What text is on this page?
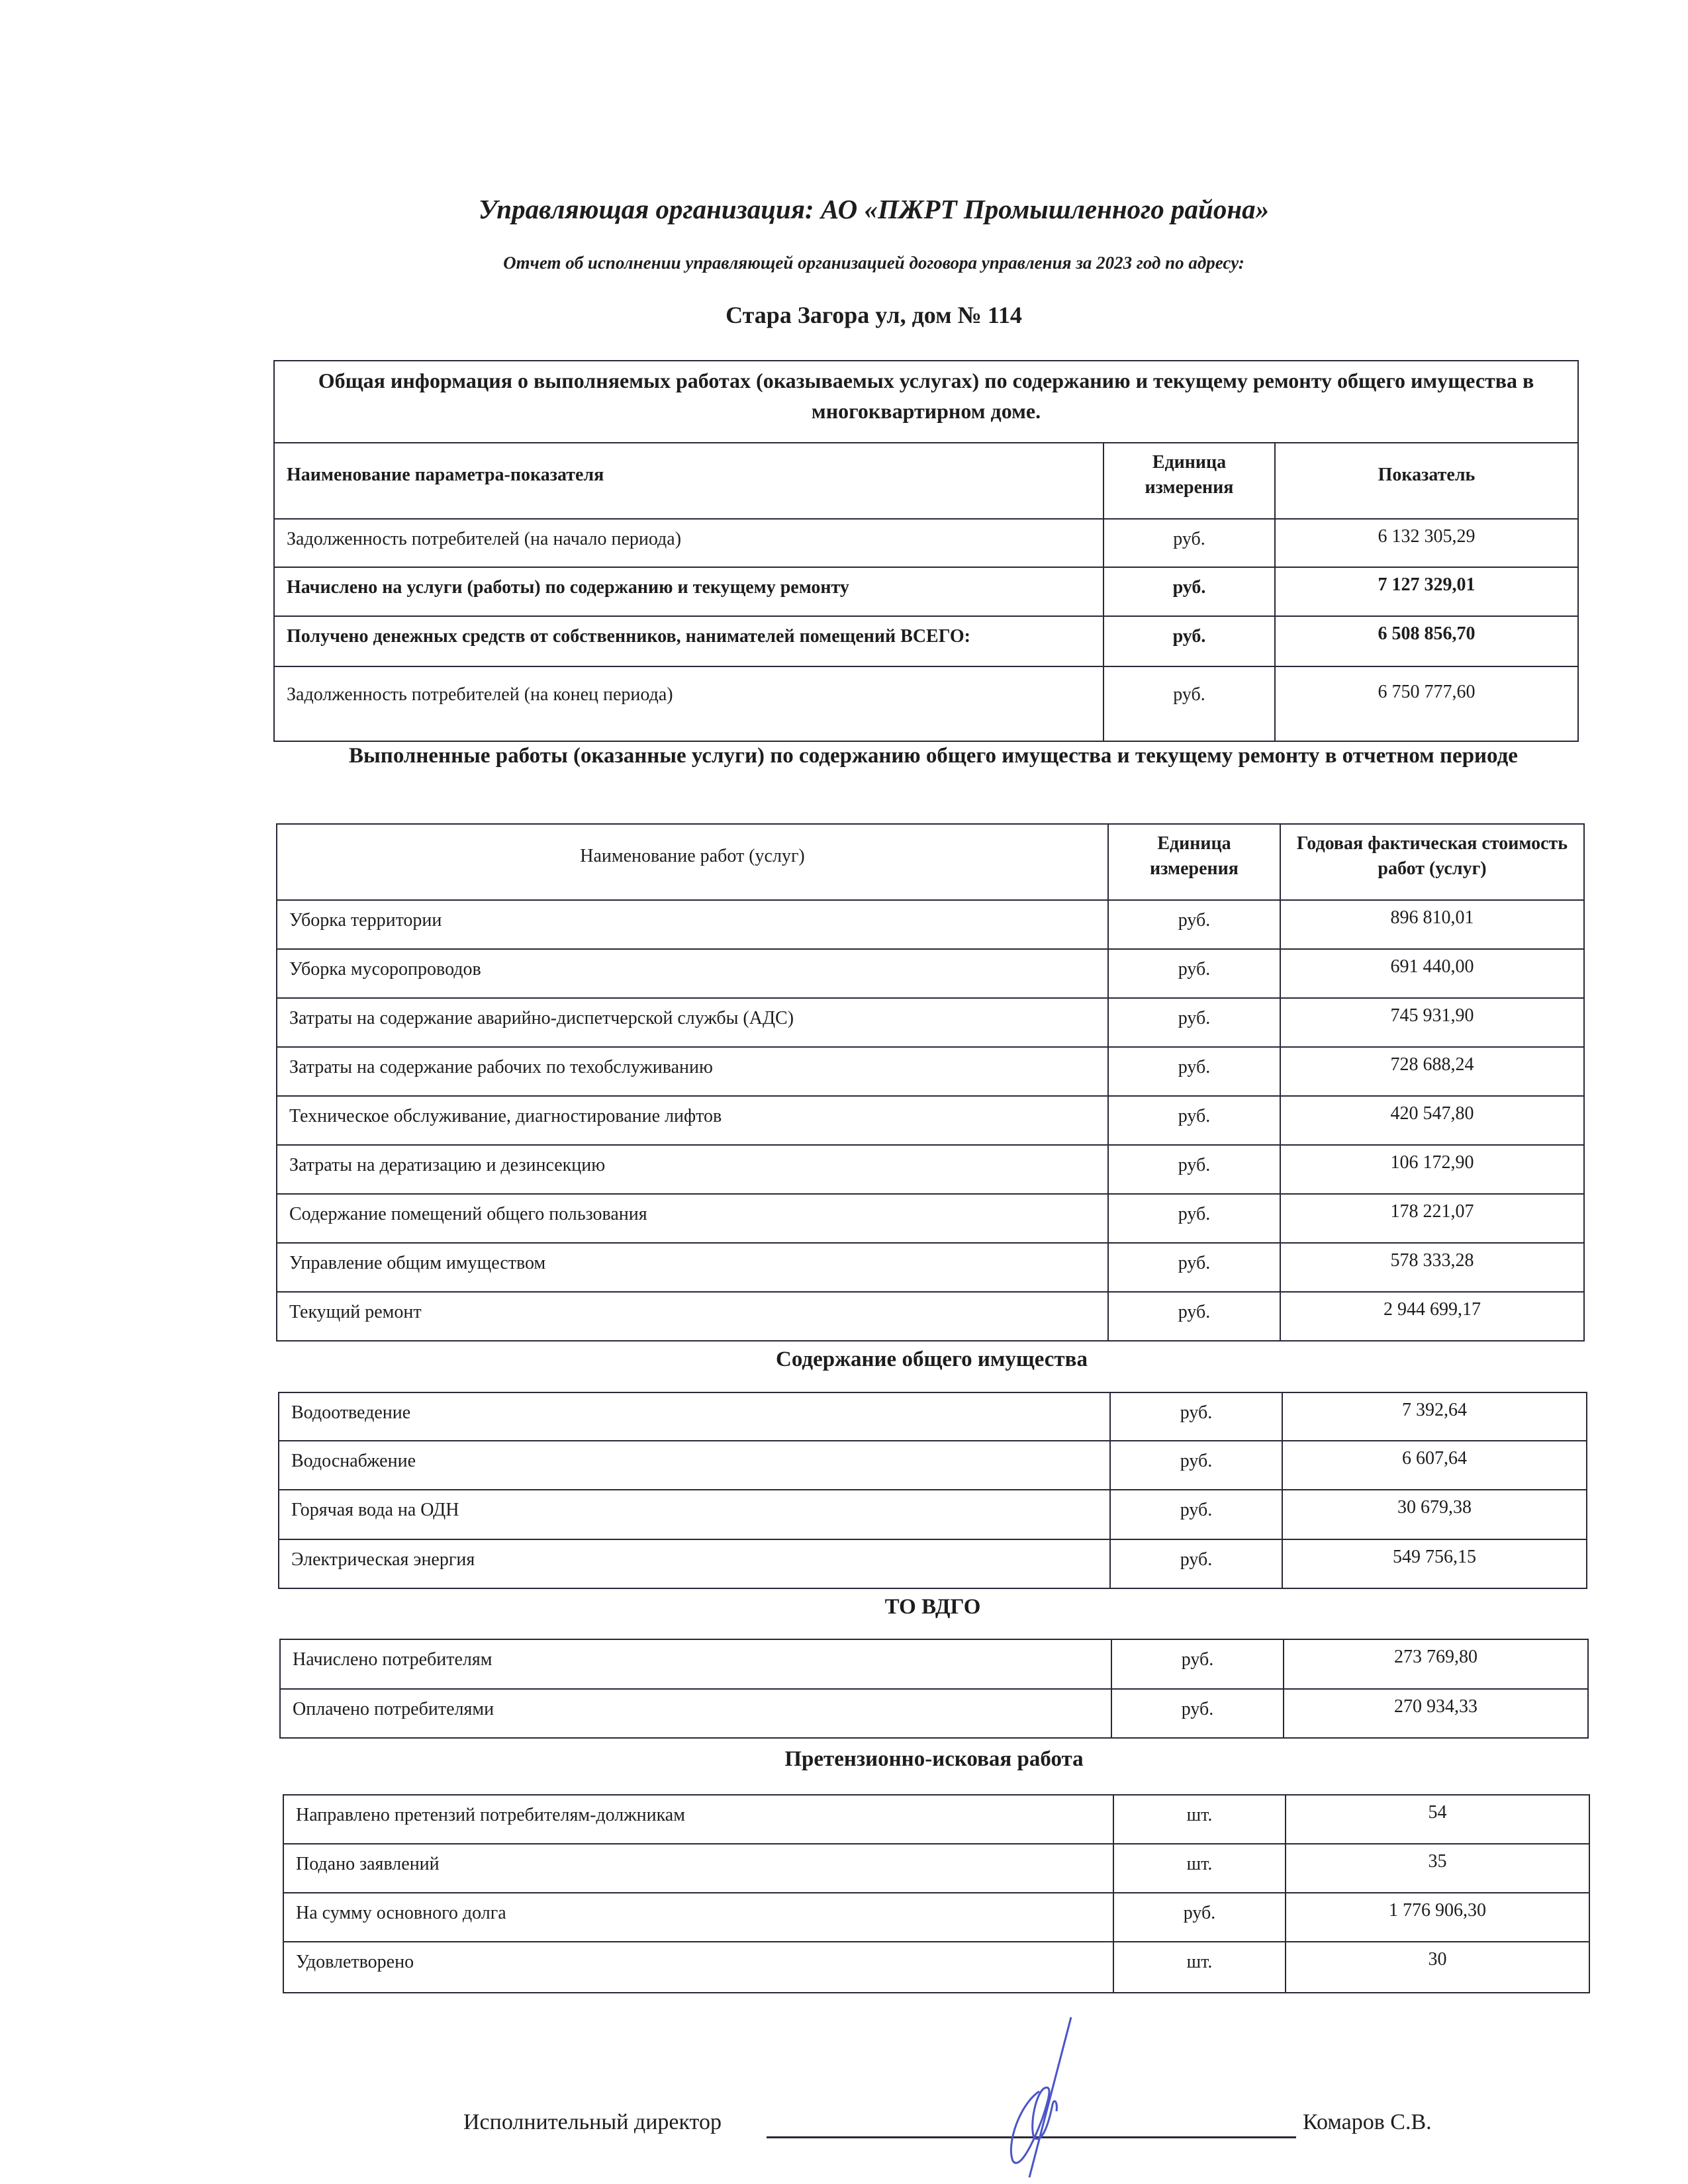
Управляющая организация: АО «ПЖРТ Промышленного района»
Отчет об исполнении управляющей организацией договора управления за 2023 год по адресу:
Стара Загора ул, дом № 114
Общая информация о выполняемых работах (оказываемых услугах) по содержанию и текущему ремонту общего имущества в многоквартирном доме.		
Наименование параметра-показателя	Единица измерения	Показатель
Задолженность потребителей (на начало периода)	руб.	6 132 305,29
Начислено на услуги (работы) по содержанию и текущему ремонту	руб.	7 127 329,01
Получено денежных средств от собственников, нанимателей помещений ВСЕГО:	руб.	6 508 856,70
Задолженность потребителей (на конец периода)	руб.	6 750 777,60
Выполненные работы (оказанные услуги) по содержанию общего имущества и текущему ремонту в отчетном периоде
Наименование работ (услуг)	Единица измерения	Годовая фактическая стоимость работ (услуг)
Уборка территории	руб.	896 810,01
Уборка мусоропроводов	руб.	691 440,00
Затраты на содержание аварийно-диспетчерской службы (АДС)	руб.	745 931,90
Затраты на содержание рабочих по техобслуживанию	руб.	728 688,24
Техническое обслуживание, диагностирование лифтов	руб.	420 547,80
Затраты на дератизацию и дезинсекцию	руб.	106 172,90
Содержание помещений общего пользования	руб.	178 221,07
Управление общим имуществом	руб.	578 333,28
Текущий ремонт	руб.	2 944 699,17
Содержание общего имущества
Водоотведение	руб.	7 392,64
Водоснабжение	руб.	6 607,64
Горячая вода на ОДН	руб.	30 679,38
Электрическая энергия	руб.	549 756,15
ТО ВДГО
Начислено потребителям	руб.	273 769,80
Оплачено потребителями	руб.	270 934,33
Претензионно-исковая работа
Направлено претензий потребителям-должникам	шт.	54
Подано заявлений	шт.	35
На сумму основного долга	руб.	1 776 906,30
Удовлетворено	шт.	30
Исполнительный директор	Комаров С.В.
